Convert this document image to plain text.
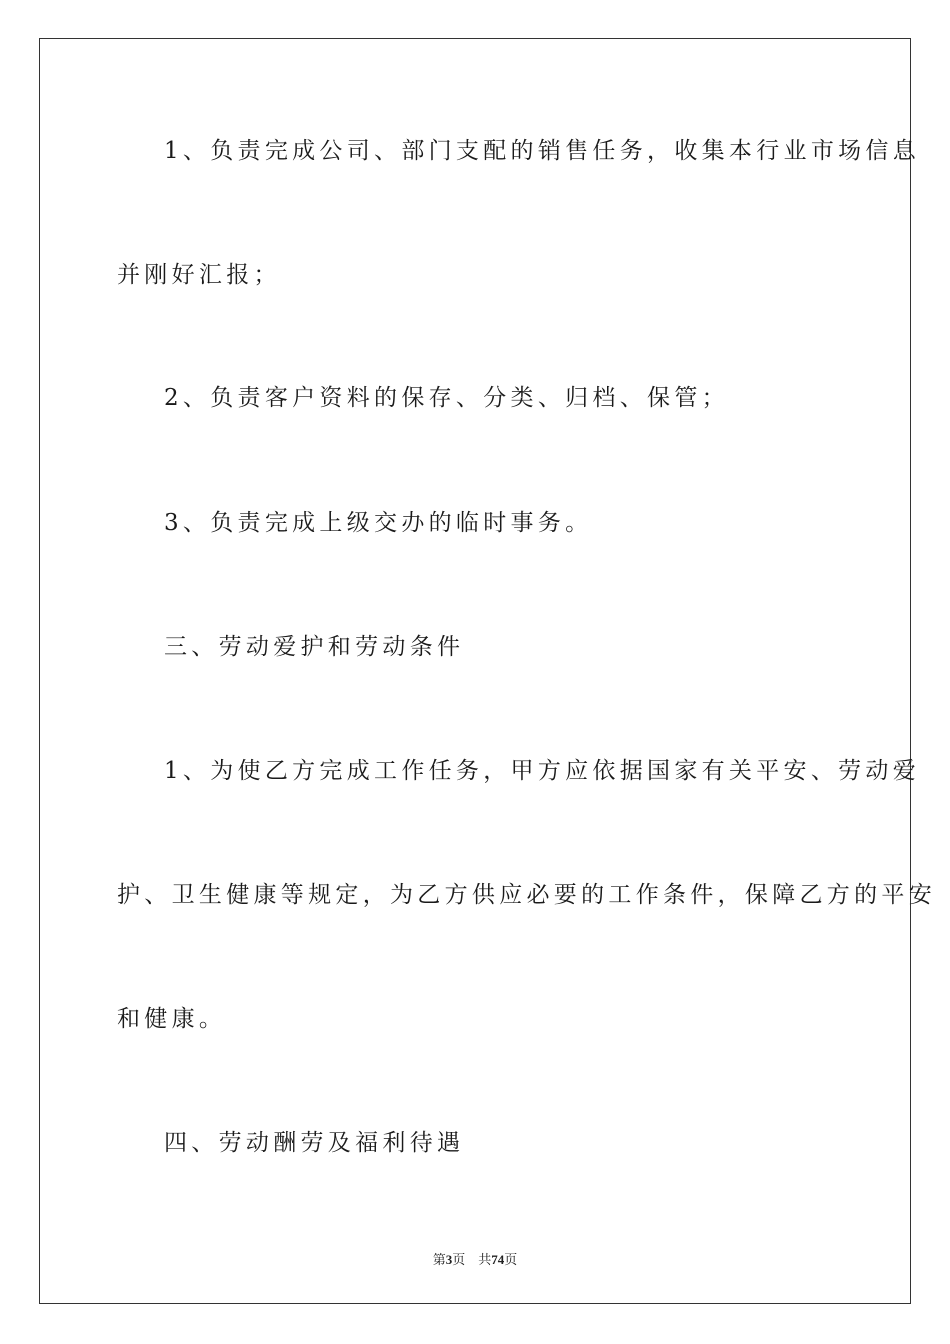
1、负责完成公司、部门支配的销售任务，收集本行业市场信息
并刚好汇报；
2、负责客户资料的保存、分类、归档、保管；
3、负责完成上级交办的临时事务。
三、劳动爱护和劳动条件
1、为使乙方完成工作任务，甲方应依据国家有关平安、劳动爱
护、卫生健康等规定，为乙方供应必要的工作条件，保障乙方的平安
和健康。
四、劳动酬劳及福利待遇
第3页 共74页
